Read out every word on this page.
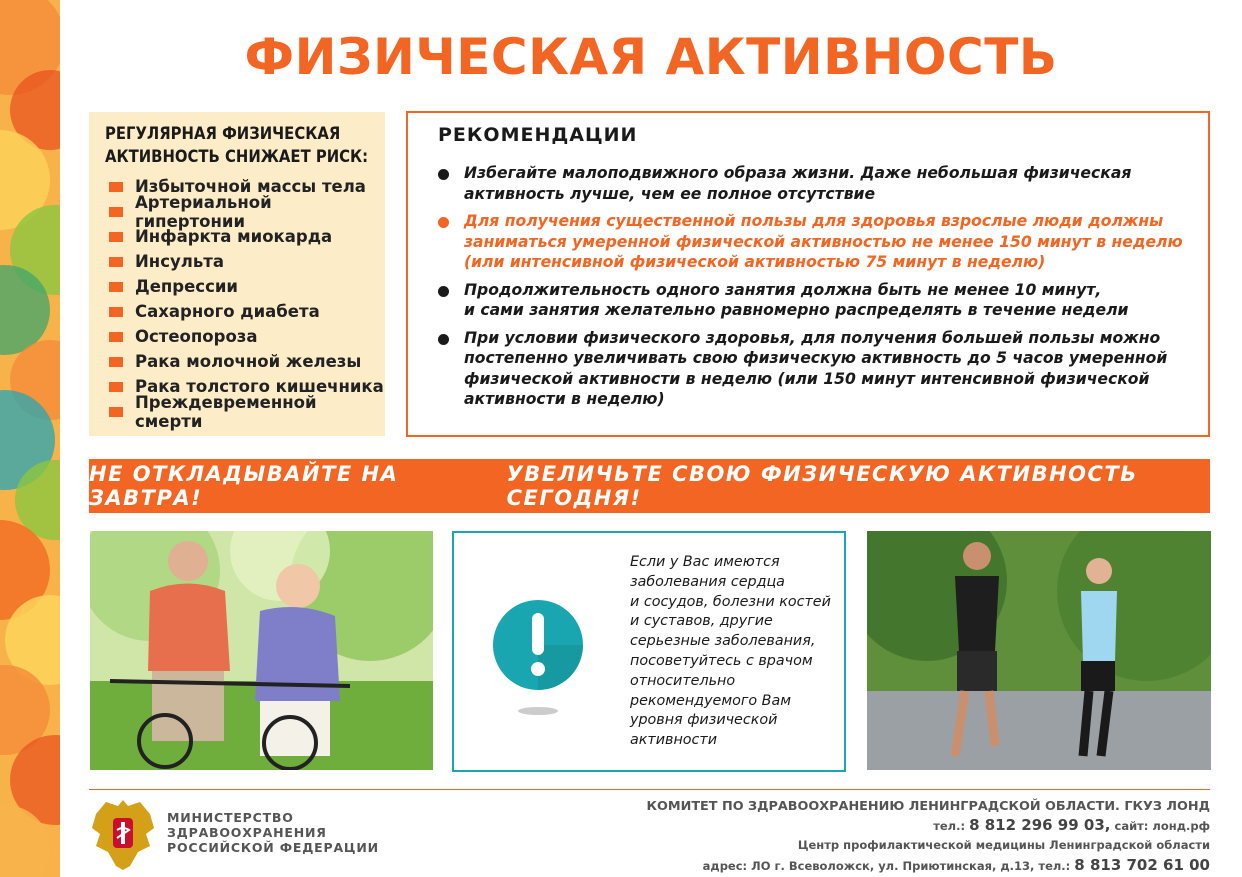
ФИЗИЧЕСКАЯ АКТИВНОСТЬ
РЕГУЛЯРНАЯ ФИЗИЧЕСКАЯ
АКТИВНОСТЬ СНИЖАЕТ РИСК:
Избыточной массы тела
Артериальной гипертонии
Инфаркта миокарда
Инсульта
Депрессии
Сахарного диабета
Остеопороза
Рака молочной железы
Рака толстого кишечника
Преждевременной смерти
РЕКОМЕНДАЦИИ
Избегайте малоподвижного образа жизни. Даже небольшая физическая
активность лучше, чем ее полное отсутствие
Для получения существенной пользы для здоровья взрослые люди должны
заниматься умеренной физической активностью не менее 150 минут в неделю
(или интенсивной физической активностью 75 минут в неделю)
Продолжительность одного занятия должна быть не менее 10 минут,
и сами занятия желательно равномерно распределять в течение недели
При условии физического здоровья, для получения большей пользы можно
постепенно увеличивать свою физическую активность до 5 часов умеренной
физической активности в неделю (или 150 минут интенсивной физической
активности в неделю)
НЕ ОТКЛАДЫВАЙТЕ НА ЗАВТРА!
УВЕЛИЧЬТЕ СВОЮ ФИЗИЧЕСКУЮ АКТИВНОСТЬ СЕГОДНЯ!
Если у Вас имеются
заболевания сердца
и сосудов, болезни костей
и суставов, другие
серьезные заболевания,
посоветуйтесь с врачом
относительно
рекомендуемого Вам
уровня физической
активности
МИНИСТЕРСТВО
ЗДРАВООХРАНЕНИЯ
РОССИЙСКОЙ ФЕДЕРАЦИИ
КОМИТЕТ ПО ЗДРАВООХРАНЕНИЮ ЛЕНИНГРАДСКОЙ ОБЛАСТИ. ГКУЗ ЛОНД
тел.: 8 812 296 99 03, сайт: лонд.рф
Центр профилактической медицины Ленинградской области
адрес: ЛО г. Всеволожск, ул. Приютинская, д.13, тел.: 8 813 702 61 00
